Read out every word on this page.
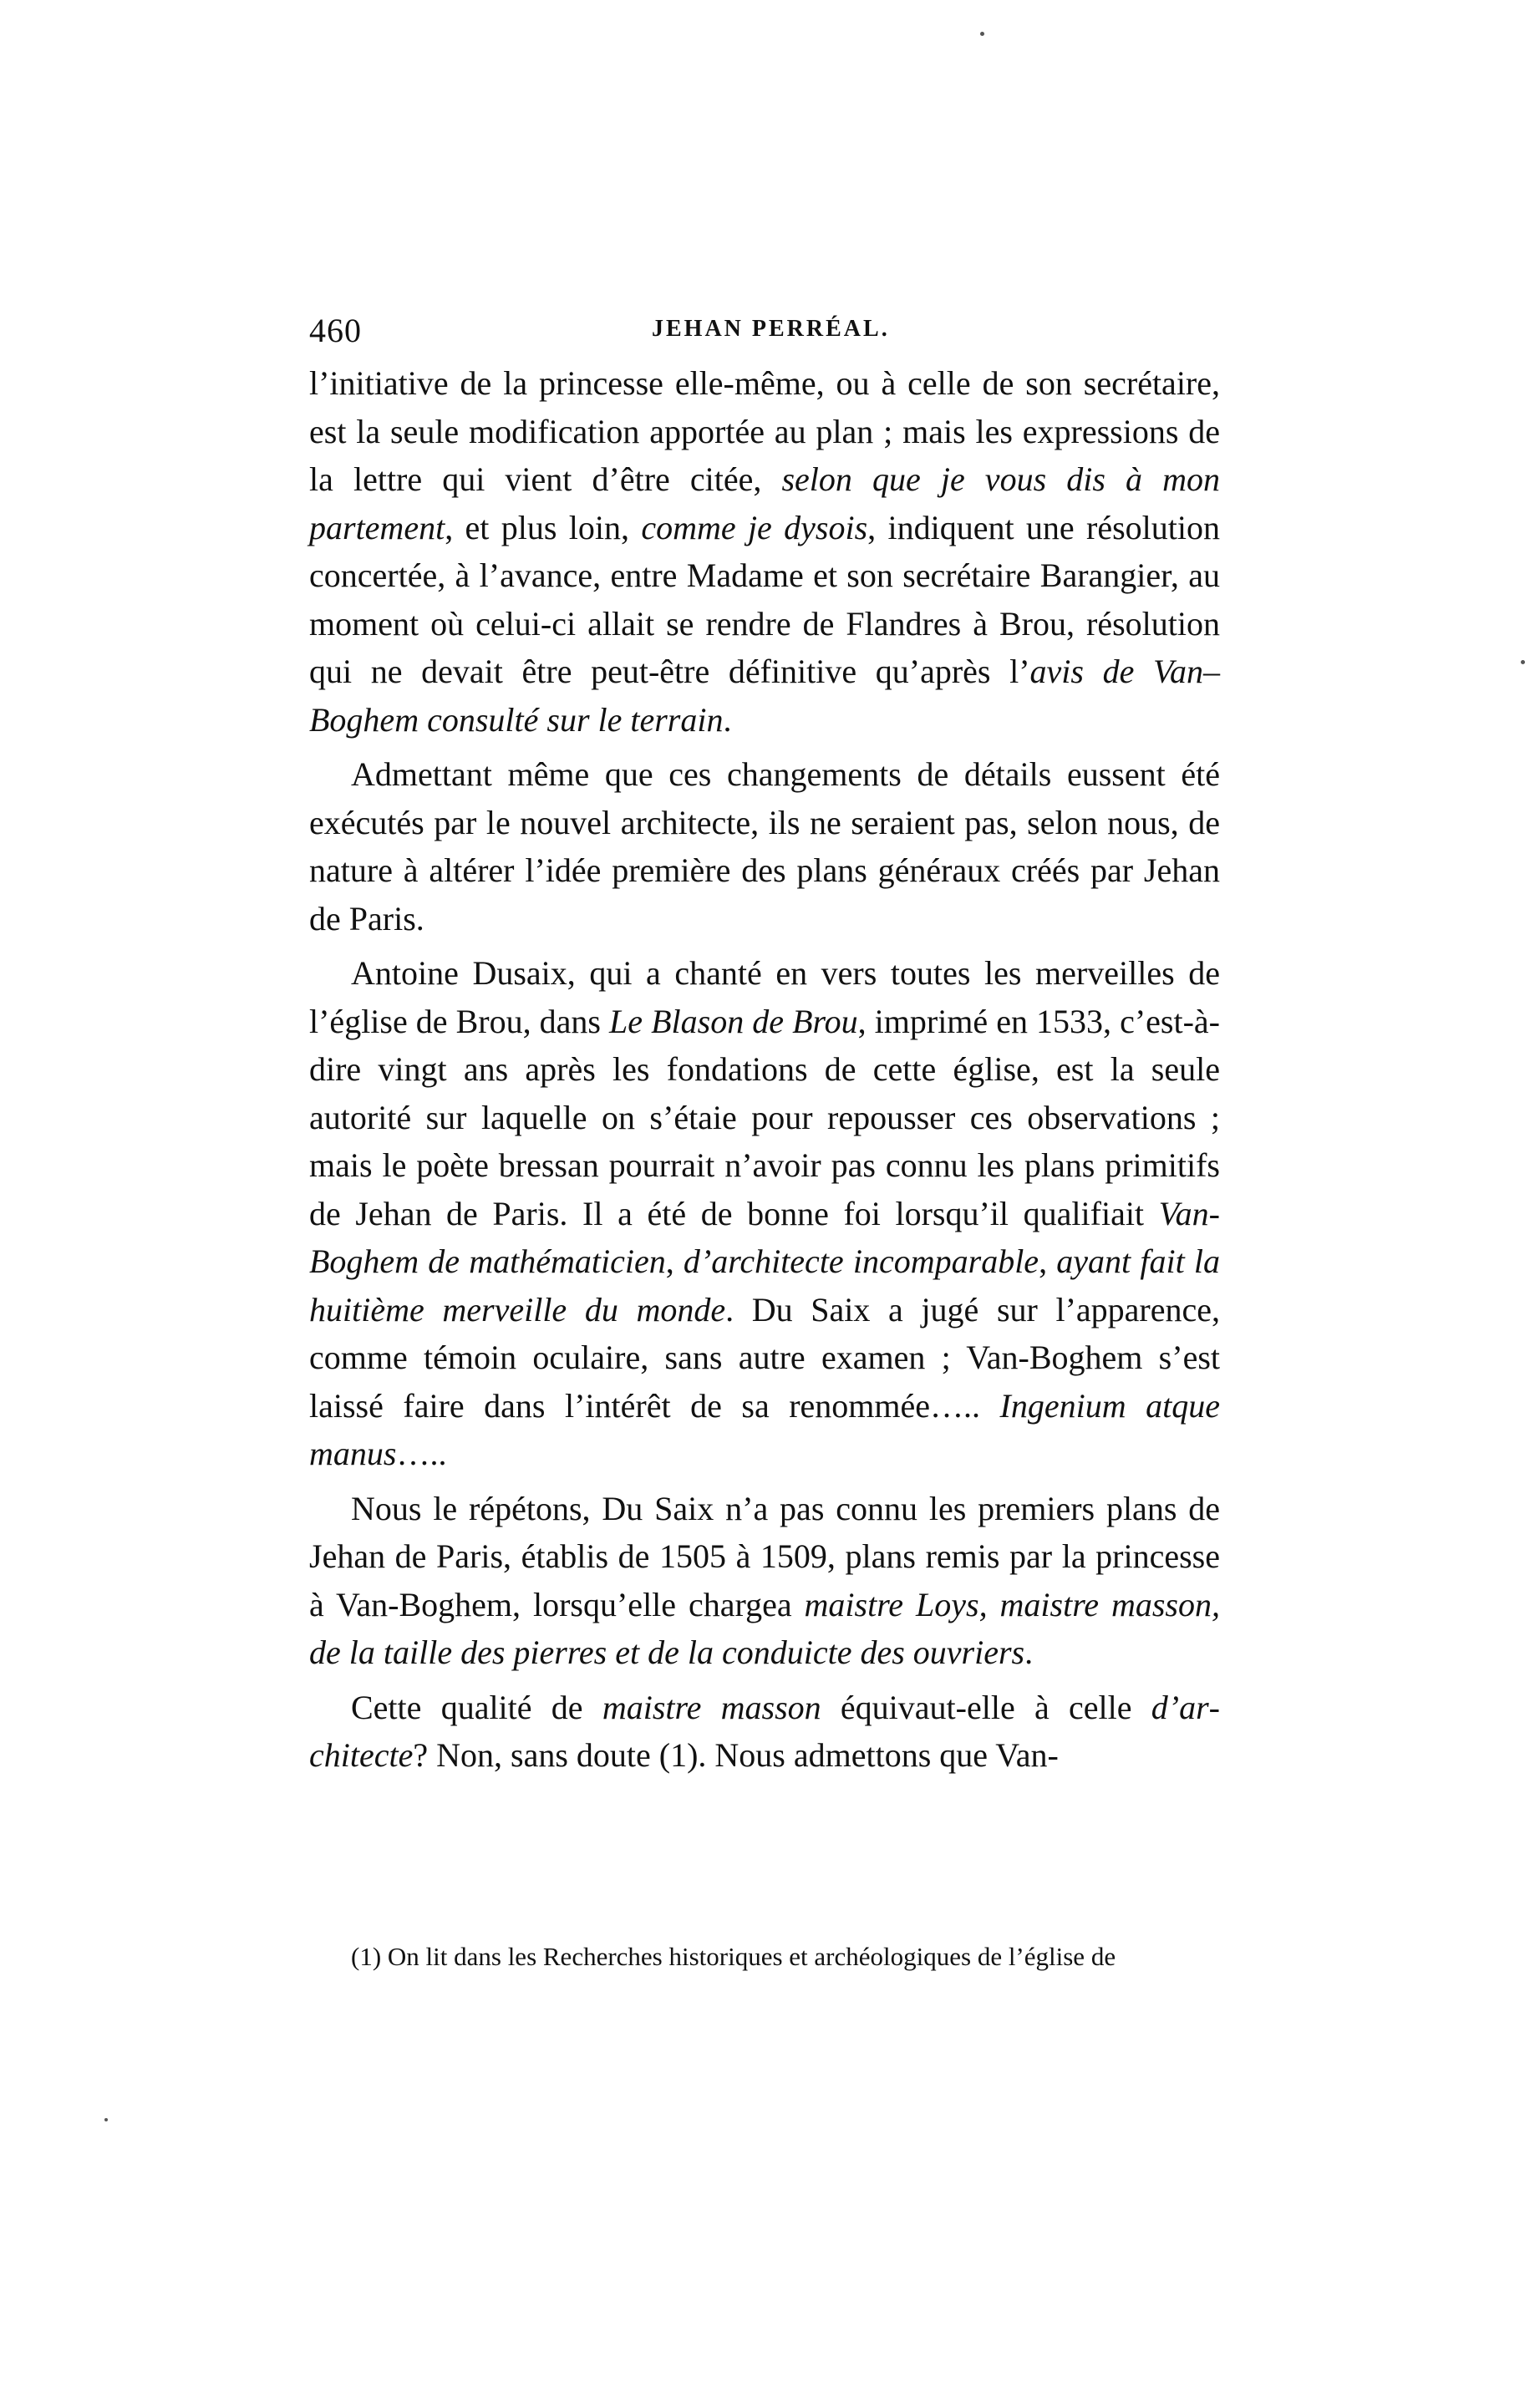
460	JEHAN PERRÉAL.

l’initiative de la princesse elle-même, ou à celle de son secrétaire, est la seule modification apportée au plan ; mais les expressions de la lettre qui vient d’être citée, selon que je vous dis à mon partement, et plus loin, comme je dysois, indiquent une résolution concertée, à l’avance, entre Madame et son secrétaire Barangier, au moment où celui-ci allait se rendre de Flandres à Brou, résolution qui ne devait être peut-être définitive qu’après l’avis de Van–Boghem consulté sur le terrain.

Admettant même que ces changements de détails eussent été exécutés par le nouvel architecte, ils ne seraient pas, selon nous, de nature à altérer l’idée première des plans généraux créés par Jehan de Paris.

Antoine Dusaix, qui a chanté en vers toutes les merveilles de l’église de Brou, dans Le Blason de Brou, imprimé en 1533, c’est-à-dire vingt ans après les fondations de cette église, est la seule autorité sur laquelle on s’étaie pour repousser ces observations ; mais le poète bressan pourrait n’avoir pas connu les plans primitifs de Jehan de Paris. Il a été de bonne foi lorsqu’il qualifiait Van-Boghem de mathématicien, d’architecte incomparable, ayant fait la huitième merveille du monde. Du Saix a jugé sur l’apparence, comme témoin oculaire, sans autre examen ; Van-Boghem s’est laissé faire dans l’intérêt de sa renommée….. Ingenium atque manus…..

Nous le répétons, Du Saix n’a pas connu les premiers plans de Jehan de Paris, établis de 1505 à 1509, plans remis par la princesse à Van-Boghem, lorsqu’elle chargea maistre Loys, maistre masson, de la taille des pierres et de la conduicte des ouvriers.

Cette qualité de maistre masson équivaut-elle à celle d’architecte? Non, sans doute (1). Nous admettons que Van-

(1) On lit dans les Recherches historiques et archéologiques de l’église de
